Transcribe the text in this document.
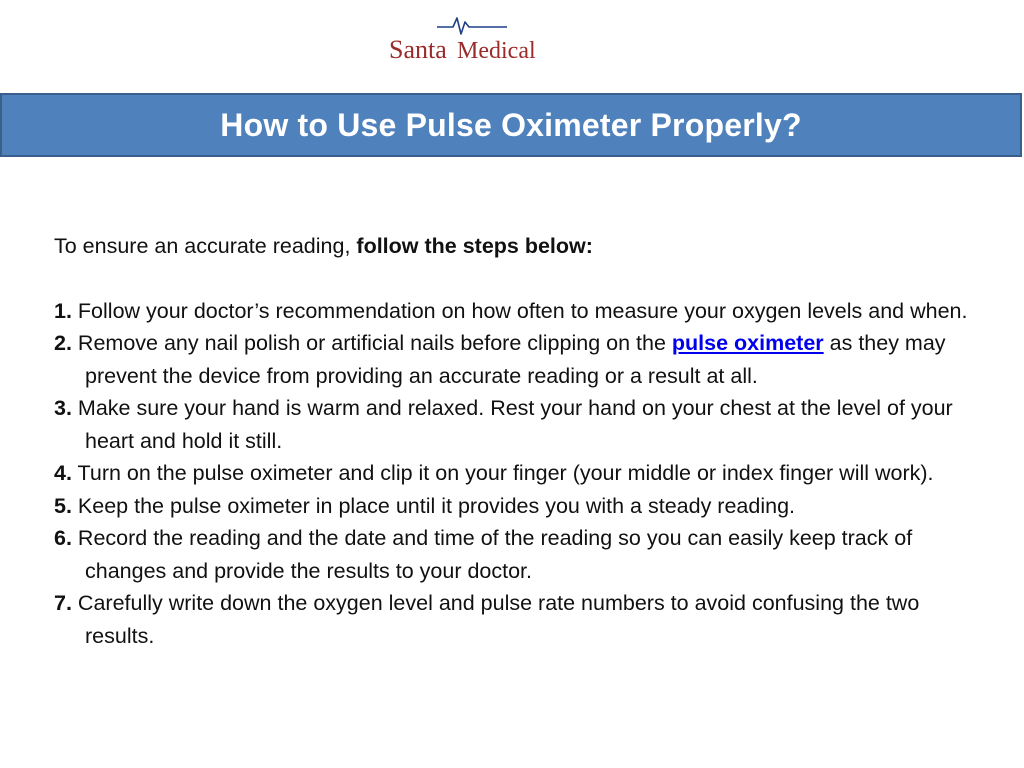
Santa Medical
How to Use Pulse Oximeter Properly?

To ensure an accurate reading, follow the steps below:

1. Follow your doctor’s recommendation on how often to measure your oxygen levels and when.
2. Remove any nail polish or artificial nails before clipping on the pulse oximeter as they may prevent the device from providing an accurate reading or a result at all.
3. Make sure your hand is warm and relaxed. Rest your hand on your chest at the level of your heart and hold it still.
4. Turn on the pulse oximeter and clip it on your finger (your middle or index finger will work).
5. Keep the pulse oximeter in place until it provides you with a steady reading.
6. Record the reading and the date and time of the reading so you can easily keep track of changes and provide the results to your doctor.
7. Carefully write down the oxygen level and pulse rate numbers to avoid confusing the two results.
